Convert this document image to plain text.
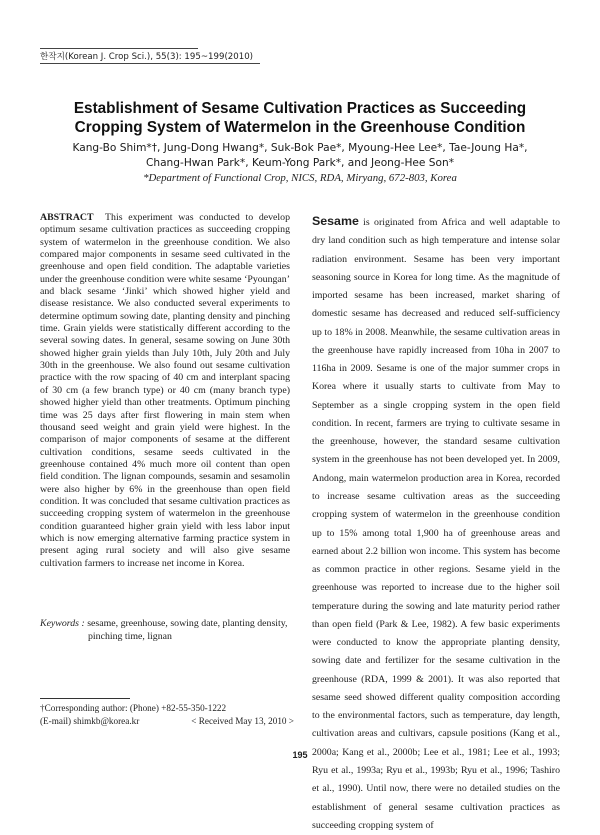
한작지(Korean J. Crop Sci.), 55(3): 195~199(2010)
Establishment of Sesame Cultivation Practices as Succeeding Cropping System of Watermelon in the Greenhouse Condition
Kang-Bo Shim*†, Jung-Dong Hwang*, Suk-Bok Pae*, Myoung-Hee Lee*, Tae-Joung Ha*,
Chang-Hwan Park*, Keum-Yong Park*, and Jeong-Hee Son*
*Department of Functional Crop, NICS, RDA, Miryang, 672-803, Korea
ABSTRACT This experiment was conducted to develop optimum sesame cultivation practices as succeeding cropping system of watermelon in the greenhouse condition. We also compared major components in sesame seed cultivated in the greenhouse and open field condition. The adaptable varieties under the greenhouse condition were white sesame ‘Pyoungan’ and black sesame ‘Jinki’ which showed higher yield and disease resistance. We also conducted several experiments to determine optimum sowing date, planting density and pinching time. Grain yields were statistically different according to the several sowing dates. In general, sesame sowing on June 30th showed higher grain yields than July 10th, July 20th and July 30th in the greenhouse. We also found out sesame cultivation practice with the row spacing of 40 cm and interplant spacing of 30 cm (a few branch type) or 40 cm (many branch type) showed higher yield than other treatments. Optimum pinching time was 25 days after first flowering in main stem when thousand seed weight and grain yield were highest. In the comparison of major components of sesame at the different cultivation conditions, sesame seeds cultivated in the greenhouse contained 4% much more oil content than open field condition. The lignan compounds, sesamin and sesamolin were also higher by 6% in the greenhouse than open field condition. It was concluded that sesame cultivation practices as succeeding cropping system of watermelon in the greenhouse condition guaranteed higher grain yield with less labor input which is now emerging alternative farming practice system in present aging rural society and will also give sesame cultivation farmers to increase net income in Korea.
Keywords : sesame, greenhouse, sowing date, planting density,
pinching time, lignan
†Corresponding author: (Phone) +82-55-350-1222
(E-mail) shimkb@korea.kr	< Received May 13, 2010 >
Sesame is originated from Africa and well adaptable to dry land condition such as high temperature and intense solar radiation environment. Sesame has been very important seasoning source in Korea for long time. As the magnitude of imported sesame has been increased, market sharing of domestic sesame has decreased and reduced self-sufficiency up to 18% in 2008. Meanwhile, the sesame cultivation areas in the greenhouse have rapidly increased from 10ha in 2007 to 116ha in 2009. Sesame is one of the major summer crops in Korea where it usually starts to cultivate from May to September as a single cropping system in the open field condition. In recent, farmers are trying to cultivate sesame in the greenhouse, however, the standard sesame cultivation system in the greenhouse has not been developed yet. In 2009, Andong, main watermelon production area in Korea, recorded to increase sesame cultivation areas as the succeeding cropping system of watermelon in the greenhouse condition up to 15% among total 1,900 ha of greenhouse areas and earned about 2.2 billion won income. This system has become as common practice in other regions. Sesame yield in the greenhouse was reported to increase due to the higher soil temperature during the sowing and late maturity period rather than open field (Park & Lee, 1982). A few basic experiments were conducted to know the appropriate planting density, sowing date and fertilizer for the sesame cultivation in the greenhouse (RDA, 1999 & 2001). It was also reported that sesame seed showed different quality composition according to the environmental factors, such as temperature, day length, cultivation areas and cultivars, capsule positions (Kang et al., 2000a; Kang et al., 2000b; Lee et al., 1981; Lee et al., 1993; Ryu et al., 1993a; Ryu et al., 1993b; Ryu et al., 1996; Tashiro et al., 1990). Until now, there were no detailed studies on the establishment of general sesame cultivation practices as succeeding cropping system of
195
